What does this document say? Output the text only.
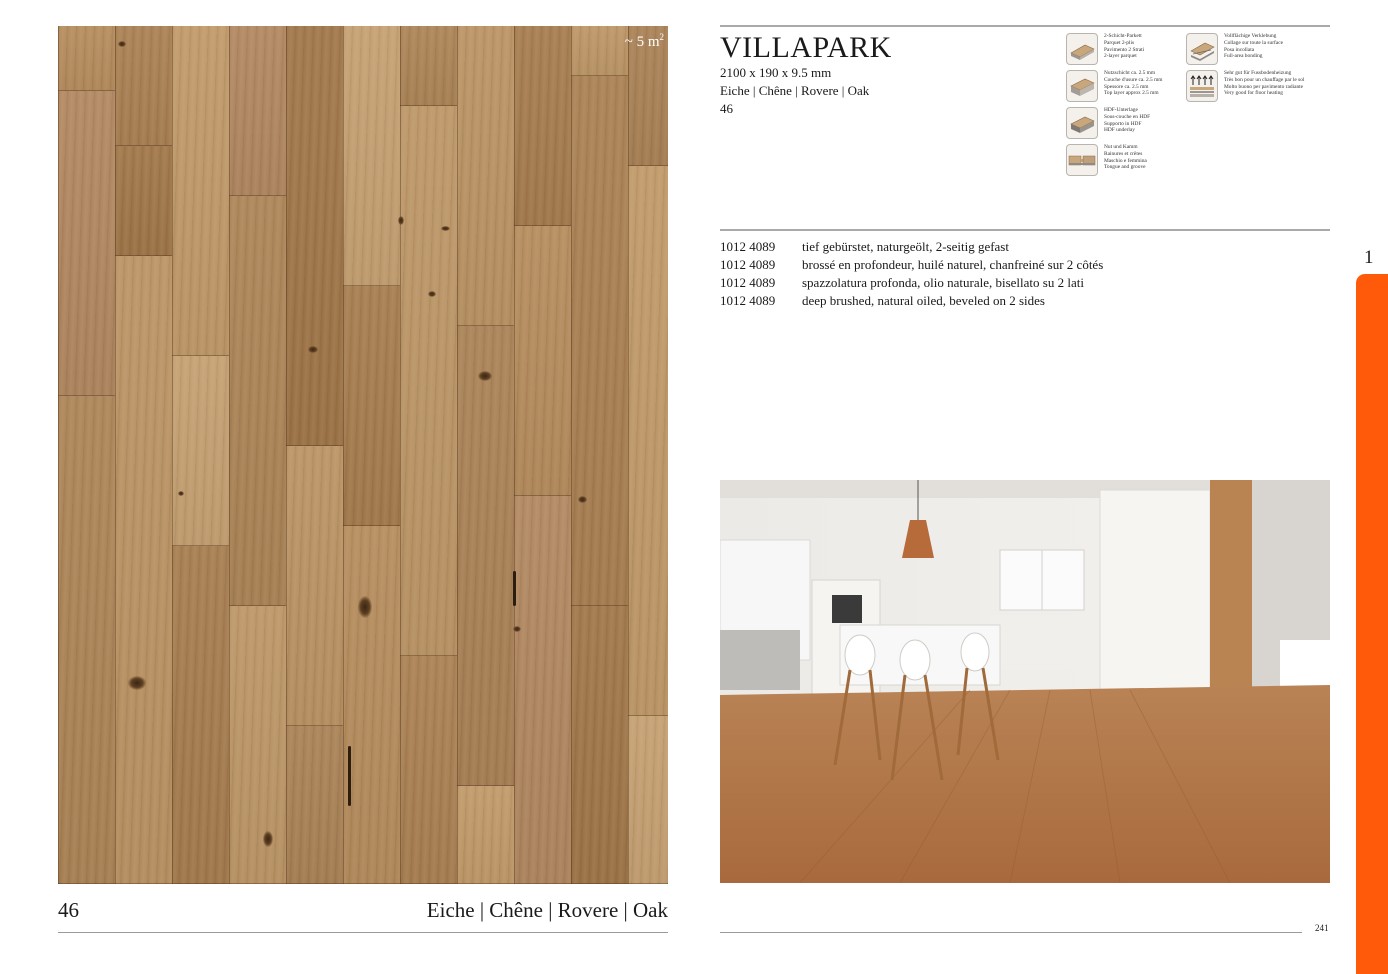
~ 5 $m^2$
46	Eiche | Chêne | Rovere | Oak
VILLAPARK
2100 x 190 x 9.5 mm
Eiche | Chêne | Rovere | Oak
46
2-Schicht-Parkett
Parquet 2-plis
Pavimento 2 Strati
2-layer parquet
Vollflächige Verklebung
Collage sur toute la surface
Posa incollata
Full-area bonding
Nutzschicht ca. 2.5 mm
Couche d'usure ca. 2.5 mm
Spessore ca. 2.5 mm
Top layer approx 2.5 mm
Sehr gut für Fussbodenheizung
Très bon pour un chauffage par le sol
Molto buono per pavimento radiante
Very good for floor heating
HDF-Unterlage
Sous-couche en HDF
Supporto in HDF
HDF underlay
Nut und Kamm
Rainures et crêtes
Maschio e femmina
Tongue and groove
1012 4089	tief gebürstet, naturgeölt, 2-seitig gefast
1012 4089	brossé en profondeur, huilé naturel, chanfreiné sur 2 côtés
1012 4089	spazzolatura profonda, olio naturale, bisellato su 2 lati
1012 4089	deep brushed, natural oiled, beveled on 2 sides
241
1
